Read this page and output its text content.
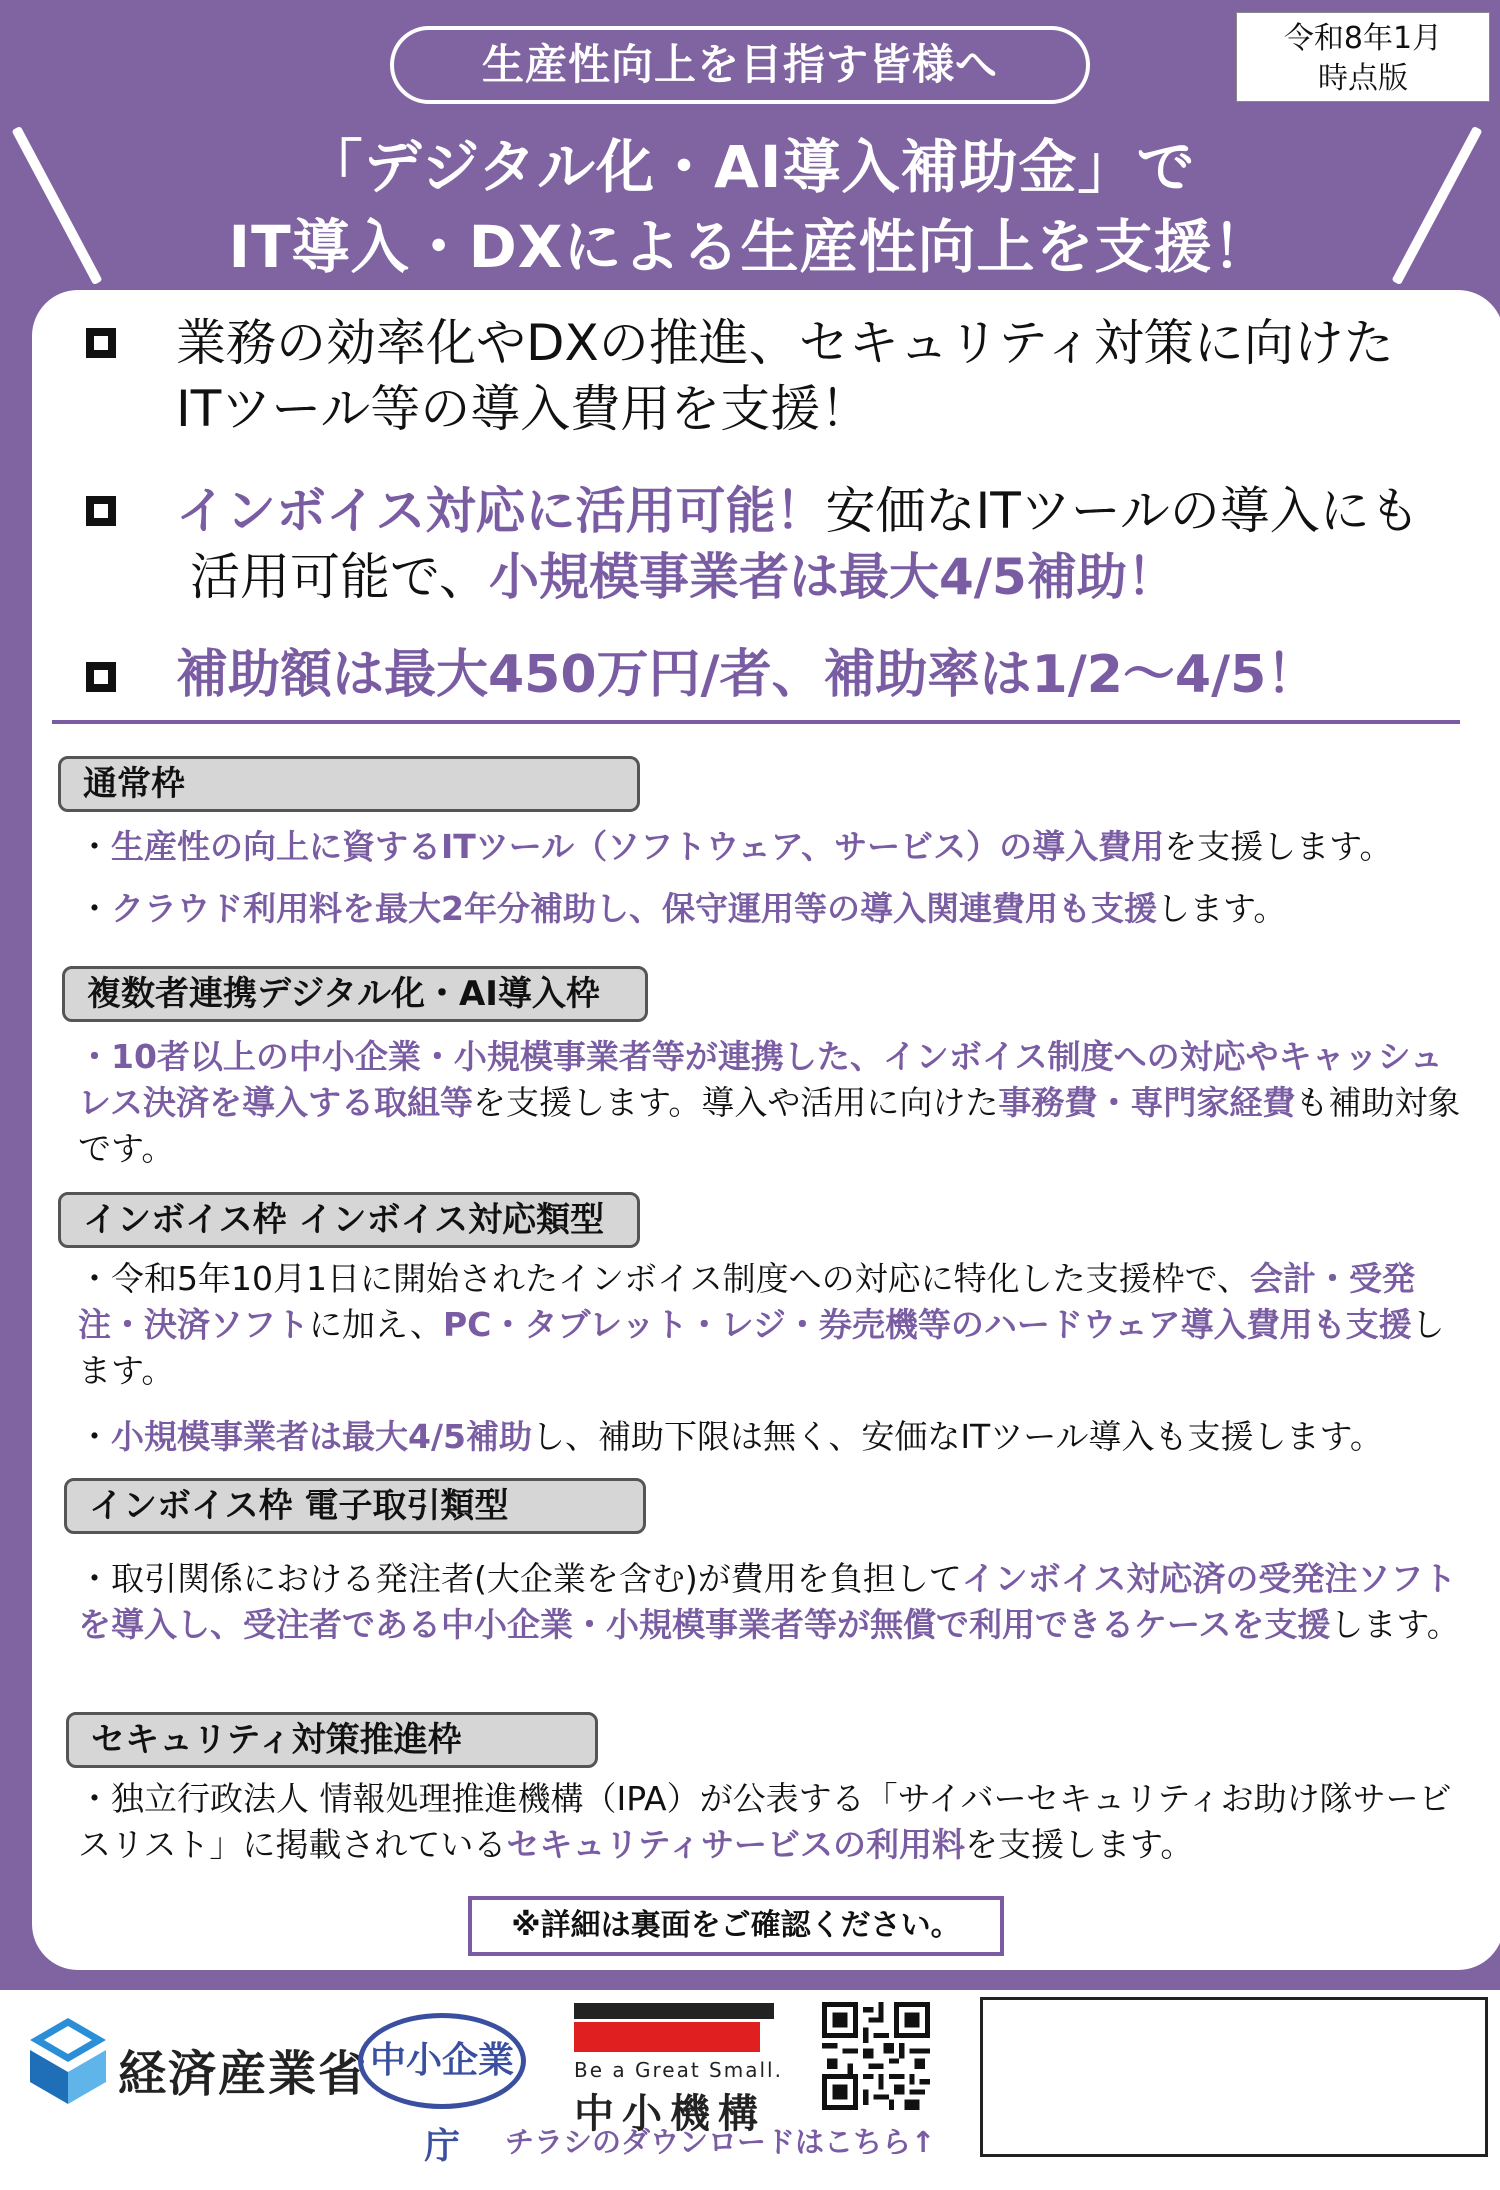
令和8年1月
時点版
生産性向上を目指す皆様へ
「デジタル化・AI導入補助金」で
IT導入・DXによる生産性向上を支援！
業務の効率化やDXの推進、セキュリティ対策に向けた
ITツール等の導入費用を支援！
インボイス対応に活用可能！安価なITツールの導入にも
活用可能で、小規模事業者は最大4/5補助！
補助額は最大450万円/者、補助率は1/2～4/5！
通常枠
・生産性の向上に資するITツール（ソフトウェア、サービス）の導入費用を支援します。
・クラウド利用料を最大2年分補助し、保守運用等の導入関連費用も支援します。
複数者連携デジタル化・AI導入枠
・10者以上の中小企業・小規模事業者等が連携した、インボイス制度への対応やキャッシュレス決済を導入する取組等を支援します。導入や活用に向けた事務費・専門家経費も補助対象です。
インボイス枠 インボイス対応類型
・令和5年10月1日に開始されたインボイス制度への対応に特化した支援枠で、会計・受発注・決済ソフトに加え、PC・タブレット・レジ・券売機等のハードウェア導入費用も支援します。
・小規模事業者は最大4/5補助し、補助下限は無く、安価なITツール導入も支援します。
インボイス枠 電子取引類型
・取引関係における発注者(大企業を含む)が費用を負担してインボイス対応済の受発注ソフトを導入し、受注者である中小企業・小規模事業者等が無償で利用できるケースを支援します。
セキュリティ対策推進枠
・独立行政法人 情報処理推進機構（IPA）が公表する「サイバーセキュリティお助け隊サービスリスト」に掲載されているセキュリティサービスの利用料を支援します。
※詳細は裏面をご確認ください。
経済産業省 中小企業庁
Be a Great Small.
中小機構
チラシのダウンロードはこちら↑
